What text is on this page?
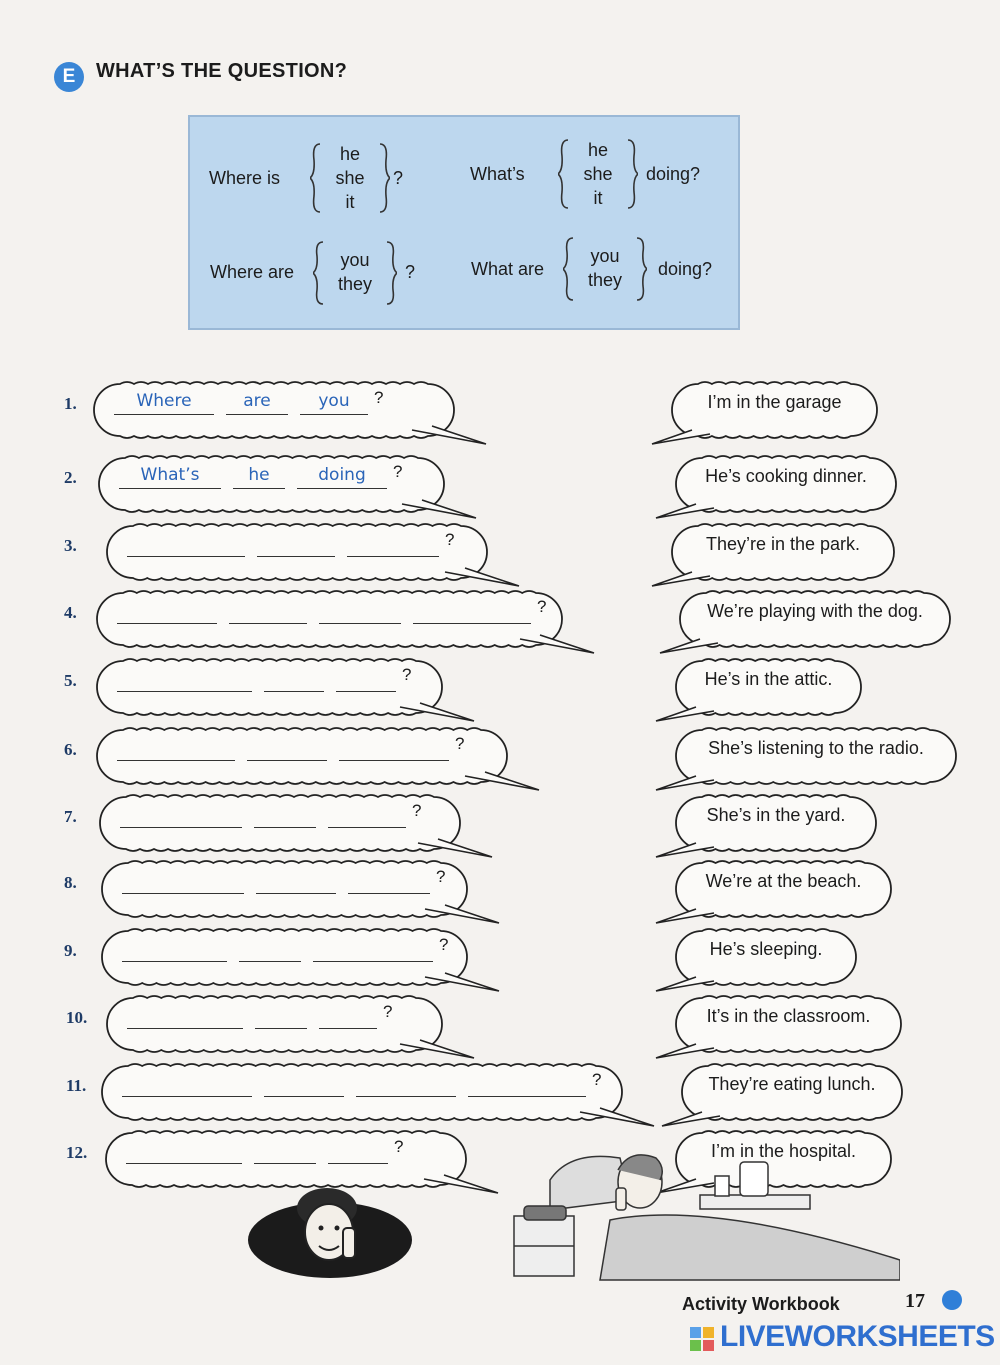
E	WHAT’S THE QUESTION?
Where is
he
she
it
?	What’s
he
she
it
doing?
Where are
you
they
?	What are
you
they
doing?
1.	Where	are	you	?	I’m in the garage
2.	What’s	he	doing	?	He’s cooking dinner.
3.	?	They’re in the park.
4.	?	We’re playing with the dog.
5.	?	He’s in the attic.
6.	?	She’s listening to the radio.
7.	?	She’s in the yard.
8.	?	We’re at the beach.
9.	?	He’s sleeping.
10.	?	It’s in the classroom.
11.	?	They’re eating lunch.
12.	?	I’m in the hospital.
Activity Workbook	17
LIVEWORKSHEETS
